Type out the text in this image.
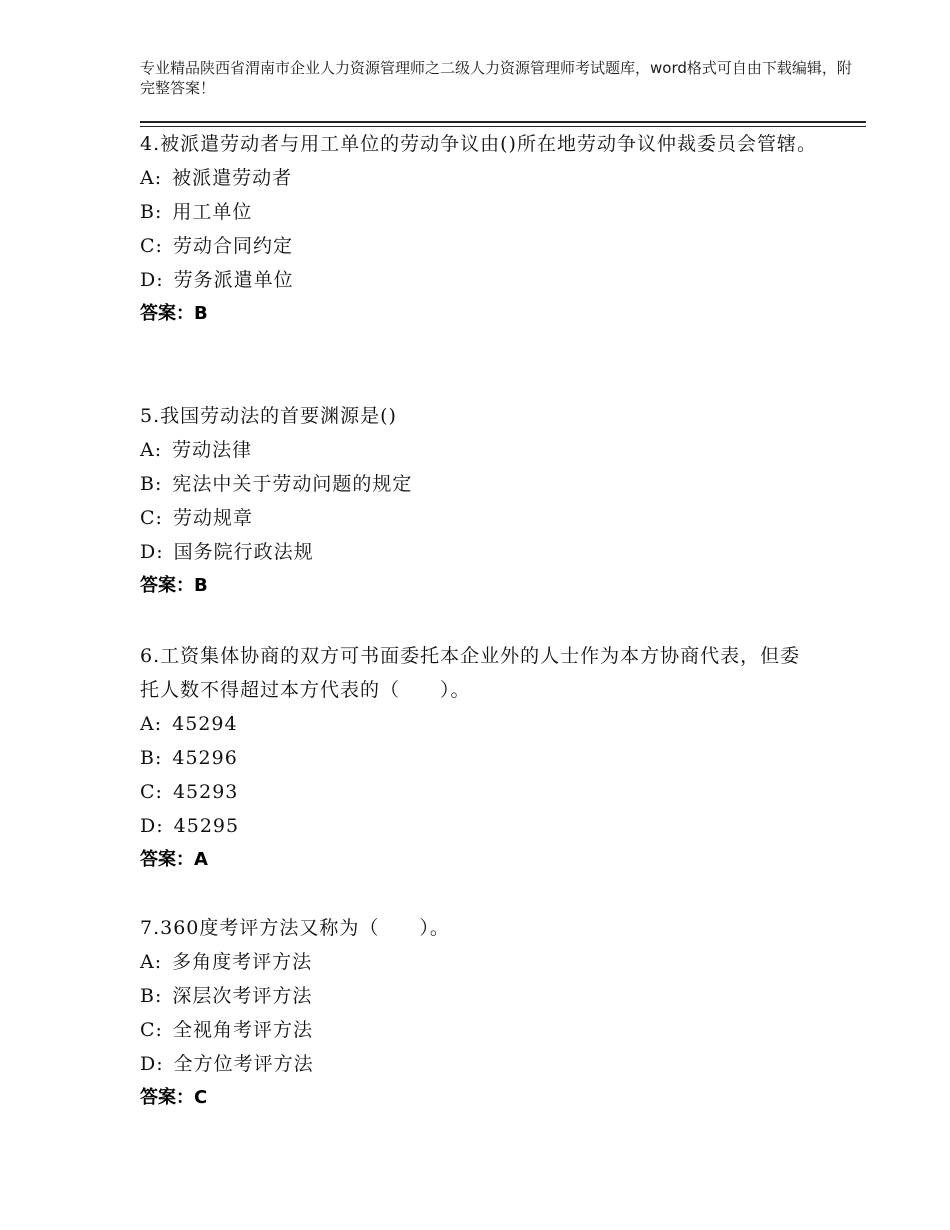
专业精品陕西省渭南市企业人力资源管理师之二级人力资源管理师考试题库，word格式可自由下载编辑，附完整答案！
4.被派遣劳动者与用工单位的劳动争议由()所在地劳动争议仲裁委员会管辖。
A: 被派遣劳动者
B: 用工单位
C: 劳动合同约定
D: 劳务派遣单位
答案：B
5.我国劳动法的首要渊源是()
A: 劳动法律
B: 宪法中关于劳动问题的规定
C: 劳动规章
D: 国务院行政法规
答案：B
6.工资集体协商的双方可书面委托本企业外的人士作为本方协商代表，但委托人数不得超过本方代表的（　　）。
A: 45294
B: 45296
C: 45293
D: 45295
答案：A
7.360度考评方法又称为（　　）。
A: 多角度考评方法
B: 深层次考评方法
C: 全视角考评方法
D: 全方位考评方法
答案：C
